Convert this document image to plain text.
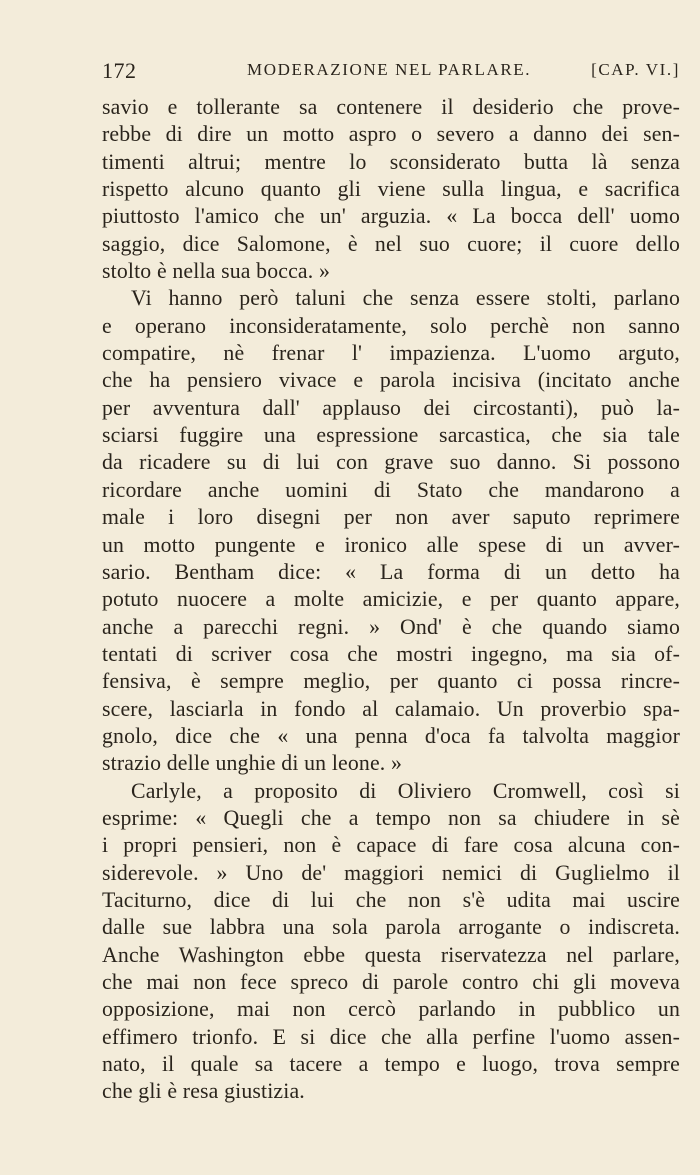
172	MODERAZIONE NEL PARLARE.	[CAP. VI.]
savio e tollerante sa contenere il desiderio che prove-
rebbe di dire un motto aspro o severo a danno dei sen-
timenti altrui; mentre lo sconsiderato butta là senza
rispetto alcuno quanto gli viene sulla lingua, e sacrifica
piuttosto l'amico che un' arguzia. « La bocca dell' uomo
saggio, dice Salomone, è nel suo cuore; il cuore dello
stolto è nella sua bocca. »
Vi hanno però taluni che senza essere stolti, parlano
e operano inconsideratamente, solo perchè non sanno
compatire, nè frenar l' impazienza. L'uomo arguto,
che ha pensiero vivace e parola incisiva (incitato anche
per avventura dall' applauso dei circostanti), può la-
sciarsi fuggire una espressione sarcastica, che sia tale
da ricadere su di lui con grave suo danno. Si possono
ricordare anche uomini di Stato che mandarono a
male i loro disegni per non aver saputo reprimere
un motto pungente e ironico alle spese di un avver-
sario. Bentham dice: « La forma di un detto ha
potuto nuocere a molte amicizie, e per quanto appare,
anche a parecchi regni. » Ond' è che quando siamo
tentati di scriver cosa che mostri ingegno, ma sia of-
fensiva, è sempre meglio, per quanto ci possa rincre-
scere, lasciarla in fondo al calamaio. Un proverbio spa-
gnolo, dice che « una penna d'oca fa talvolta maggior
strazio delle unghie di un leone. »
Carlyle, a proposito di Oliviero Cromwell, così si
esprime: « Quegli che a tempo non sa chiudere in sè
i propri pensieri, non è capace di fare cosa alcuna con-
siderevole. » Uno de' maggiori nemici di Guglielmo il
Taciturno, dice di lui che non s'è udita mai uscire
dalle sue labbra una sola parola arrogante o indiscreta.
Anche Washington ebbe questa riservatezza nel parlare,
che mai non fece spreco di parole contro chi gli moveva
opposizione, mai non cercò parlando in pubblico un
effimero trionfo. E si dice che alla perfine l'uomo assen-
nato, il quale sa tacere a tempo e luogo, trova sempre
che gli è resa giustizia.
